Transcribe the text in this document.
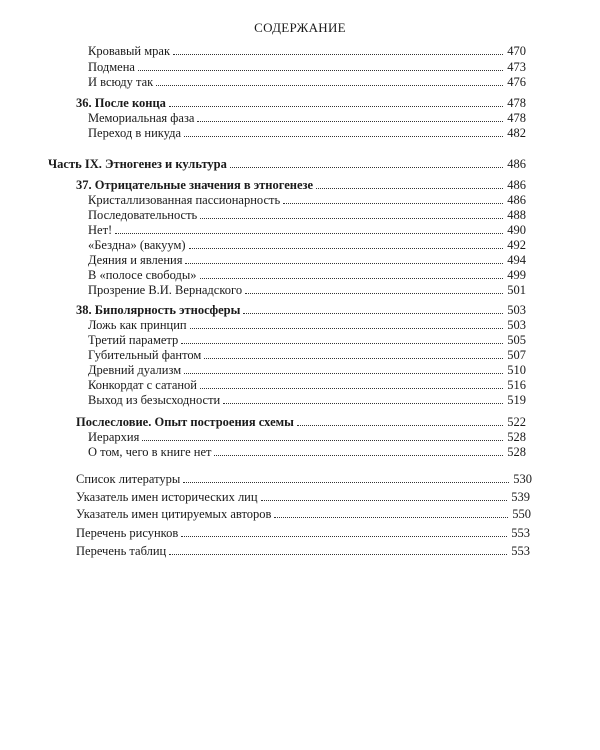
СОДЕРЖАНИЕ
Кровавый мрак	470
Подмена	473
И всюду так	476
36. После конца	478
Мемориальная фаза	478
Переход в никуда	482
Часть IX. Этногенез и культура	486
37. Отрицательные значения в этногенезе	486
Кристаллизованная пассионарность	486
Последовательность	488
Нет!	490
«Бездна» (вакуум)	492
Деяния и явления	494
В «полосе свободы»	499
Прозрение В.И. Вернадского	501
38. Биполярность этносферы	503
Ложь как принцип	503
Третий параметр	505
Губительный фантом	507
Древний дуализм	510
Конкордат с сатаной	516
Выход из безысходности	519
Послесловие. Опыт построения схемы	522
Иерархия	528
О том, чего в книге нет	528
Список литературы	530
Указатель имен исторических лиц	539
Указатель имен цитируемых авторов	550
Перечень рисунков	553
Перечень таблиц	553
